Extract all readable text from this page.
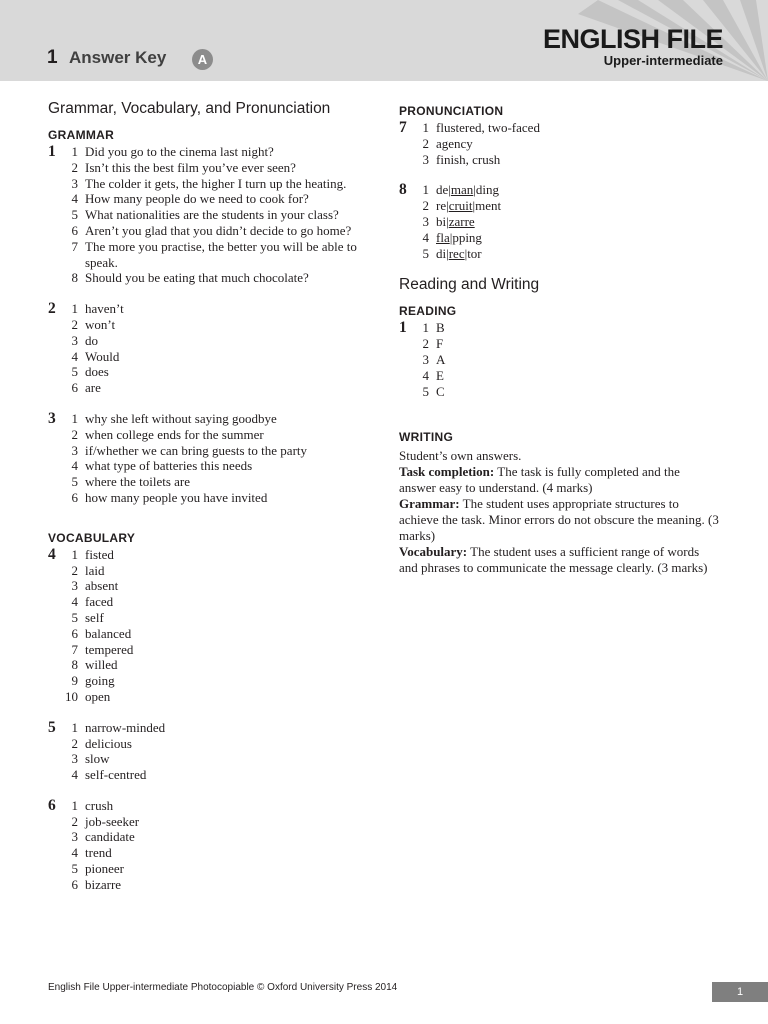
1 Answer Key	A
ENGLISH FILE
Upper-intermediate
Grammar, Vocabulary, and Pronunciation
GRAMMAR
1	1 Did you go to the cinema last night?
2 Isn’t this the best film you’ve ever seen?
3 The colder it gets, the higher I turn up the heating.
4 How many people do we need to cook for?
5 What nationalities are the students in your class?
6 Aren’t you glad that you didn’t decide to go home?
7 The more you practise, the better you will be able to speak.
8 Should you be eating that much chocolate?
2	1 haven’t
2 won’t
3 do
4 Would
5 does
6 are
3	1 why she left without saying goodbye
2 when college ends for the summer
3 if/whether we can bring guests to the party
4 what type of batteries this needs
5 where the toilets are
6 how many people you have invited
VOCABULARY
4	1 fisted
2 laid
3 absent
4 faced
5 self
6 balanced
7 tempered
8 willed
9 going
10 open
5	1 narrow-minded
2 delicious
3 slow
4 self-centred
6	1 crush
2 job-seeker
3 candidate
4 trend
5 pioneer
6 bizarre
PRONUNCIATION
7	1 flustered, two-faced
2 agency
3 finish, crush
8	1 de|man|ding
2 re|cruit|ment
3 bi|zarre
4 fla|pping
5 di|rec|tor
Reading and Writing
READING
1	1 B
2 F
3 A
4 E
5 C
WRITING

Student’s own answers.

Task completion: The task is fully completed and the answer easy to understand. (4 marks)

Grammar: The student uses appropriate structures to achieve the task. Minor errors do not obscure the meaning. (3 marks)

Vocabulary: The student uses a sufficient range of words and phrases to communicate the message clearly. (3 marks)

English File Upper-intermediate Photocopiable © Oxford University Press 2014	1
